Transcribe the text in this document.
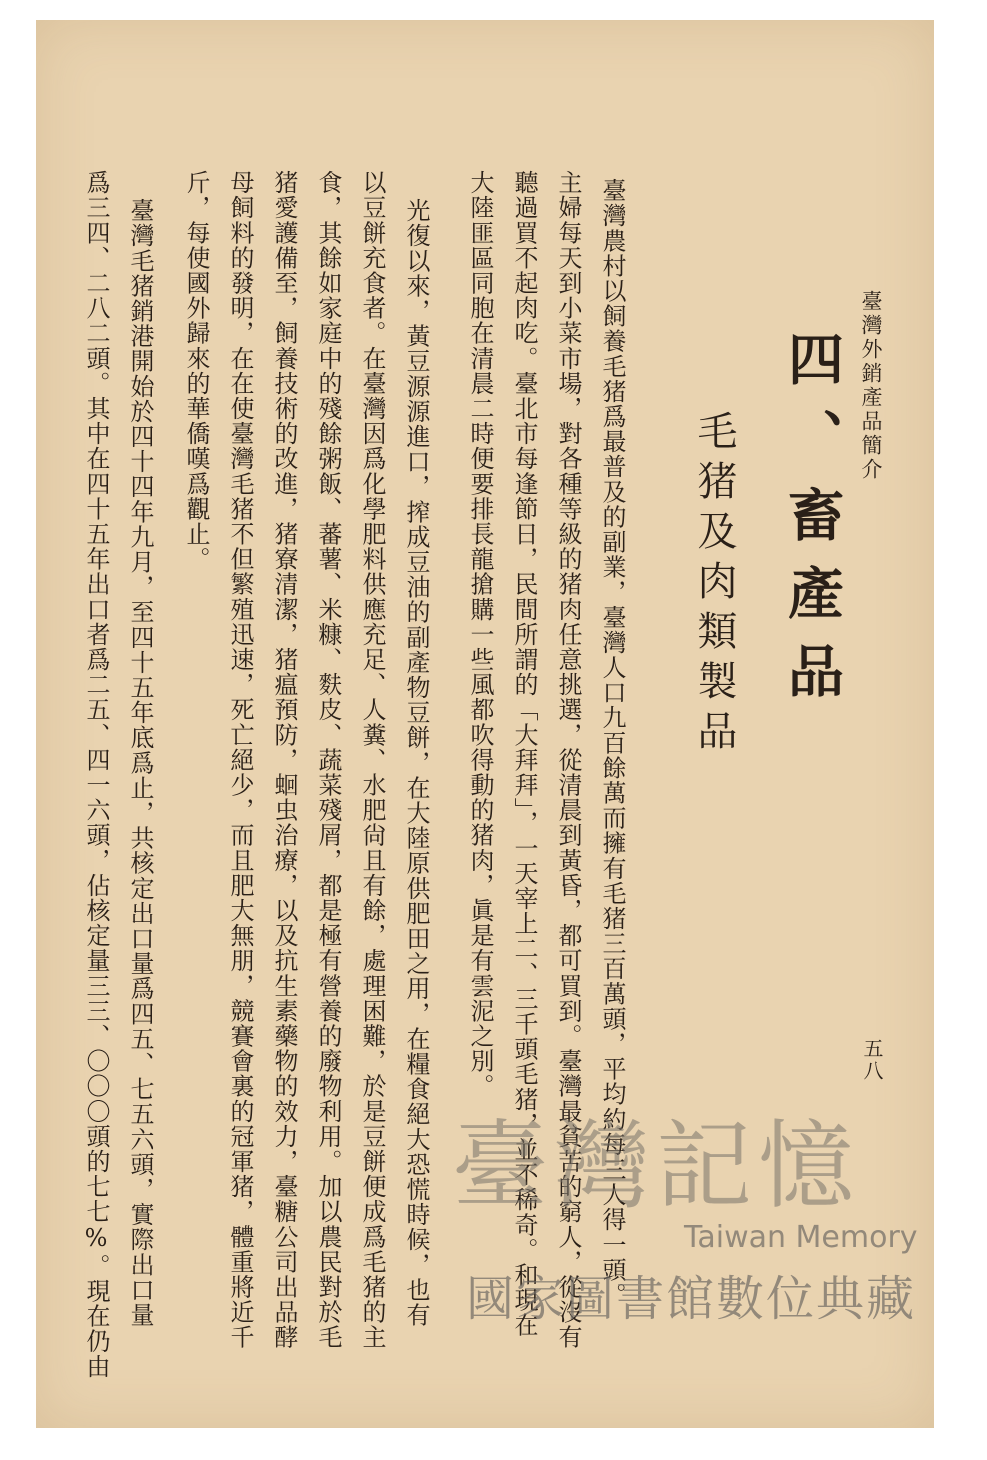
臺灣外銷產品簡介
五八
四、畜產品
毛猪及肉類製品
臺灣農村以飼養毛猪爲最普及的副業，臺灣人口九百餘萬而擁有毛猪三百萬頭，平均約每三人得一頭。
主婦每天到小菜市場，對各種等級的猪肉任意挑選，從清晨到黃昏，都可買到。臺灣最貧苦的窮人，從沒有
聽過買不起肉吃。臺北市每逢節日，民間所謂的「大拜拜」，一天宰上二、三千頭毛猪，並不稀奇。和現在
大陸匪區同胞在清晨二時便要排長龍搶購一些風都吹得動的猪肉，眞是有雲泥之別。
光復以來，黃豆源源進口，搾成豆油的副產物豆餅，在大陸原供肥田之用，在糧食絕大恐慌時候，也有
以豆餅充食者。在臺灣因爲化學肥料供應充足、人糞、水肥尙且有餘，處理困難，於是豆餅便成爲毛猪的主
食，其餘如家庭中的殘餘粥飯、蕃薯、米糠、麩皮、蔬菜殘屑，都是極有營養的廢物利用。加以農民對於毛
猪愛護備至，飼養技術的改進，猪寮清潔，猪瘟預防，蛔虫治療，以及抗生素藥物的效力，臺糖公司出品酵
母飼料的發明，在在使臺灣毛猪不但繁殖迅速，死亡絕少，而且肥大無朋，競賽會裏的冠軍猪，體重將近千
斤，每使國外歸來的華僑嘆爲觀止。
臺灣毛猪銷港開始於四十四年九月，至四十五年底爲止，共核定出口量爲四五、七五六頭，實際出口量
爲三四、二八二頭。其中在四十五年出口者爲二五、四一六頭，佔核定量三三、〇〇〇頭的七七%。現在仍由	臺灣記憶
Taiwan Memory
國家圖書館數位典藏
